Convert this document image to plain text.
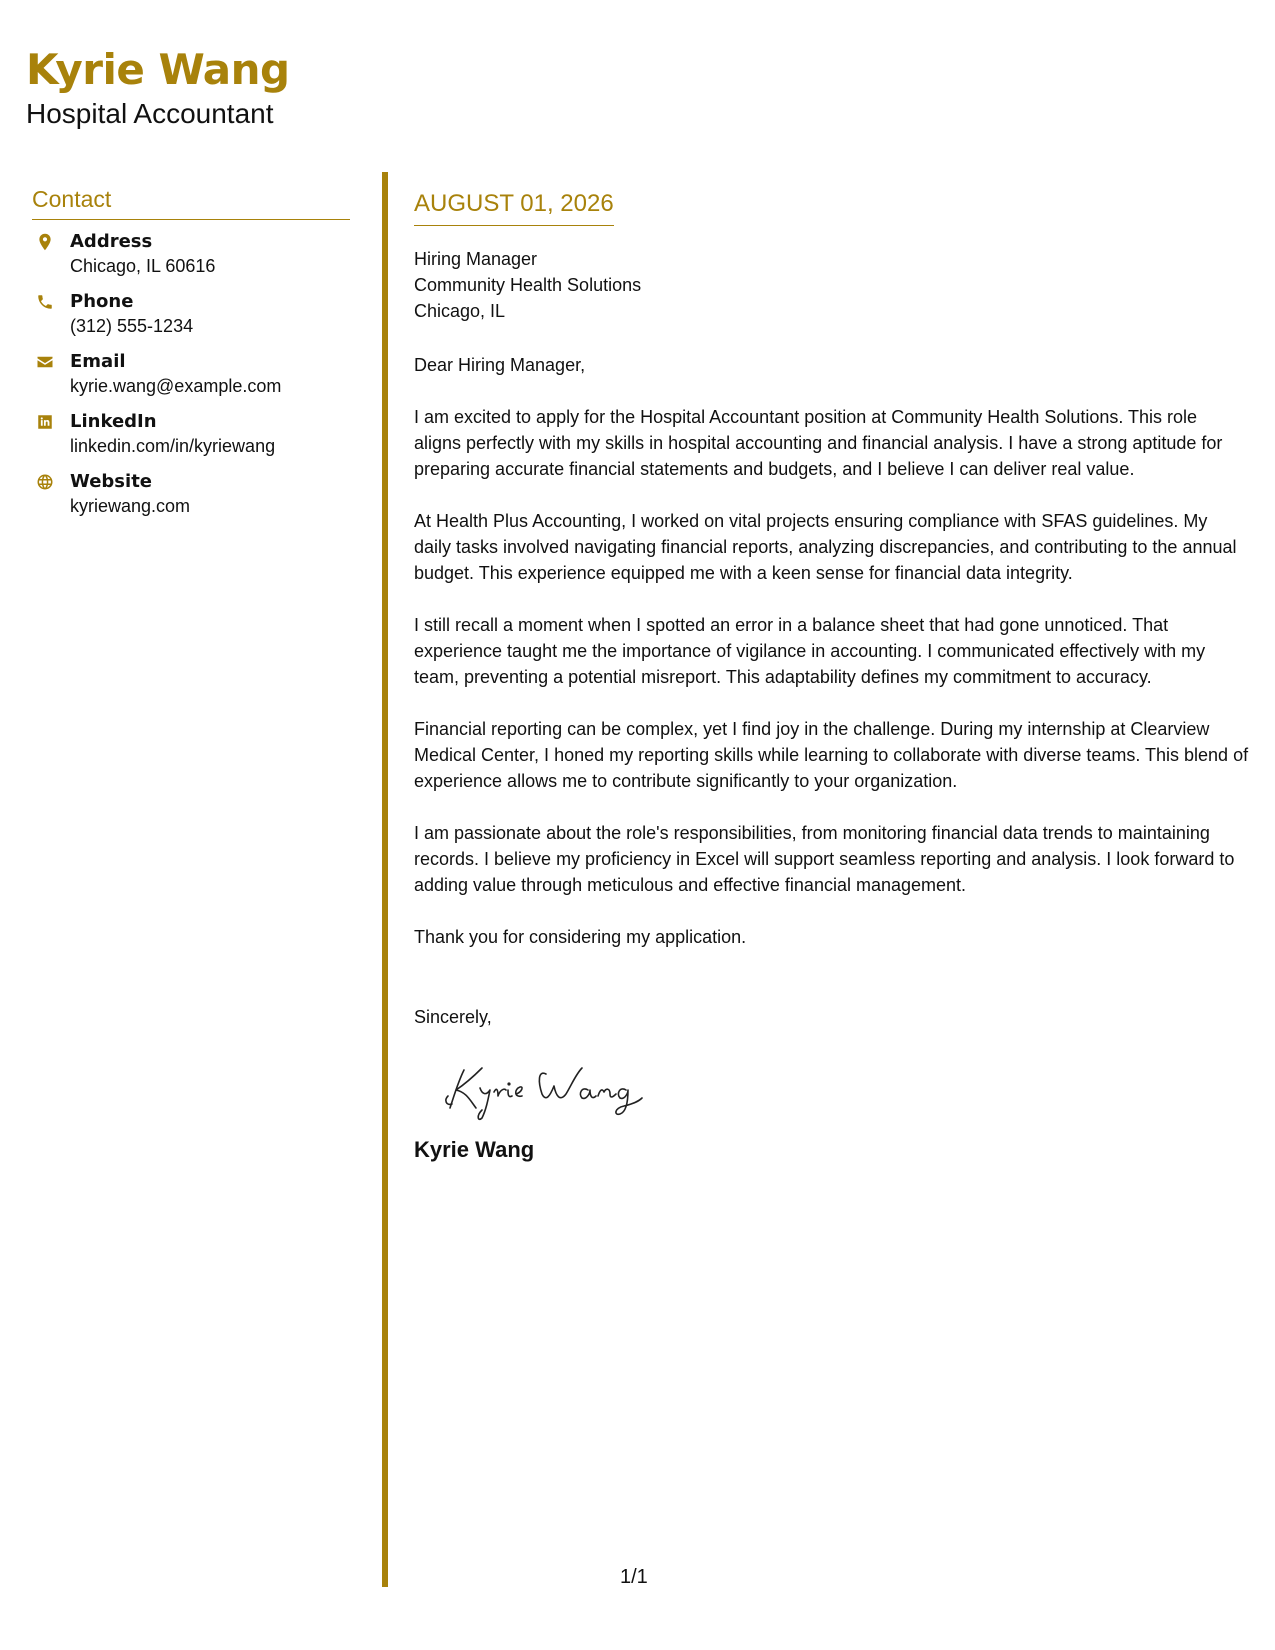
Kyrie Wang
Hospital Accountant
Contact
Address
Chicago, IL 60616
Phone
(312) 555-1234
Email
kyrie.wang@example.com
LinkedIn
linkedin.com/in/kyriewang
Website
kyriewang.com
AUGUST 01, 2026
Hiring Manager
Community Health Solutions
Chicago, IL
Dear Hiring Manager,
I am excited to apply for the Hospital Accountant position at Community Health Solutions. This role aligns perfectly with my skills in hospital accounting and financial analysis. I have a strong aptitude for preparing accurate financial statements and budgets, and I believe I can deliver real value.
At Health Plus Accounting, I worked on vital projects ensuring compliance with SFAS guidelines. My daily tasks involved navigating financial reports, analyzing discrepancies, and contributing to the annual budget. This experience equipped me with a keen sense for financial data integrity.
I still recall a moment when I spotted an error in a balance sheet that had gone unnoticed. That experience taught me the importance of vigilance in accounting. I communicated effectively with my team, preventing a potential misreport. This adaptability defines my commitment to accuracy.
Financial reporting can be complex, yet I find joy in the challenge. During my internship at Clearview Medical Center, I honed my reporting skills while learning to collaborate with diverse teams. This blend of experience allows me to contribute significantly to your organization.
I am passionate about the role's responsibilities, from monitoring financial data trends to maintaining records. I believe my proficiency in Excel will support seamless reporting and analysis. I look forward to adding value through meticulous and effective financial management.
Thank you for considering my application.
Sincerely,
Kyrie Wang
1/1
